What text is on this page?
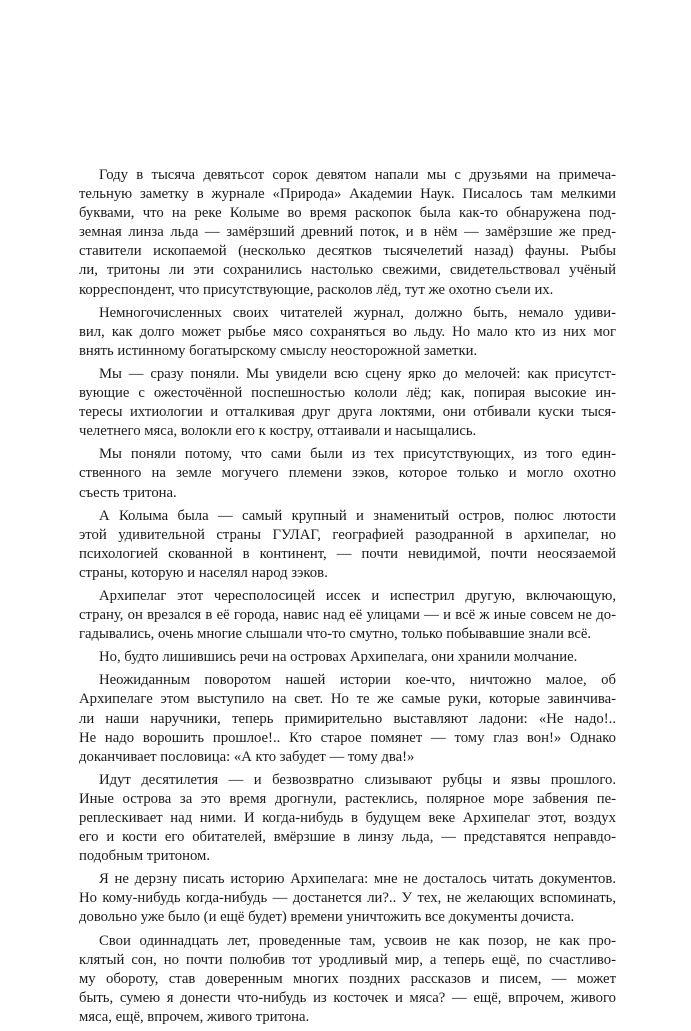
Году в тысяча девятьсот сорок девятом напали мы с друзьями на примеча-
тельную заметку в журнале «Природа» Академии Наук. Писалось там мелкими
буквами, что на реке Колыме во время раскопок была как-то обнаружена под-
земная линза льда — замёрзший древний поток, и в нём — замёрзшие же пред-
ставители ископаемой (несколько десятков тысячелетий назад) фауны. Рыбы
ли, тритоны ли эти сохранились настолько свежими, свидетельствовал учёный
корреспондент, что присутствующие, расколов лёд, тут же охотно съели их.
Немногочисленных своих читателей журнал, должно быть, немало удиви-
вил, как долго может рыбье мясо сохраняться во льду. Но мало кто из них мог
внять истинному богатырскому смыслу неосторожной заметки.
Мы — сразу поняли. Мы увидели всю сцену ярко до мелочей: как присутст-
вующие с ожесточённой поспешностью кололи лёд; как, попирая высокие ин-
тересы ихтиологии и отталкивая друг друга локтями, они отбивали куски тыся-
челетнего мяса, волокли его к костру, оттаивали и насыщались.
Мы поняли потому, что сами были из тех присутствующих, из того един-
ственного на земле могучего племени зэков, которое только и могло охотно
съесть тритона.
А Колыма была — самый крупный и знаменитый остров, полюс лютости
этой удивительной страны ГУЛАГ, географией разодранной в архипелаг, но
психологией скованной в континент, — почти невидимой, почти неосязаемой
страны, которую и населял народ зэков.
Архипелаг этот чересполосицей иссек и испестрил другую, включающую,
страну, он врезался в её города, навис над её улицами — и всё ж иные совсем не до-
гадывались, очень многие слышали что-то смутно, только побывавшие знали всё.
Но, будто лишившись речи на островах Архипелага, они хранили молчание.
Неожиданным поворотом нашей истории кое-что, ничтожно малое, об
Архипелаге этом выступило на свет. Но те же самые руки, которые завинчива-
ли наши наручники, теперь примирительно выставляют ладони: «Не надо!..
Не надо ворошить прошлое!.. Кто старое помянет — тому глаз вон!» Однако
доканчивает пословица: «А кто забудет — тому два!»
Идут десятилетия — и безвозвратно слизывают рубцы и язвы прошлого.
Иные острова за это время дрогнули, растеклись, полярное море забвения пе-
реплескивает над ними. И когда-нибудь в будущем веке Архипелаг этот, воздух
его и кости его обитателей, вмёрзшие в линзу льда, — представятся неправдо-
подобным тритоном.
Я не дерзну писать историю Архипелага: мне не досталось читать документов.
Но кому-нибудь когда-нибудь — достанется ли?.. У тех, не желающих вспоминать,
довольно уже было (и ещё будет) времени уничтожить все документы дочиста.
Свои одиннадцать лет, проведенные там, усвоив не как позор, не как про-
клятый сон, но почти полюбив тот уродливый мир, а теперь ещё, по счастливо-
му обороту, став доверенным многих поздних рассказов и писем, — может
быть, сумею я донести что-нибудь из косточек и мяса? — ещё, впрочем, живого
мяса, ещё, впрочем, живого тритона.
